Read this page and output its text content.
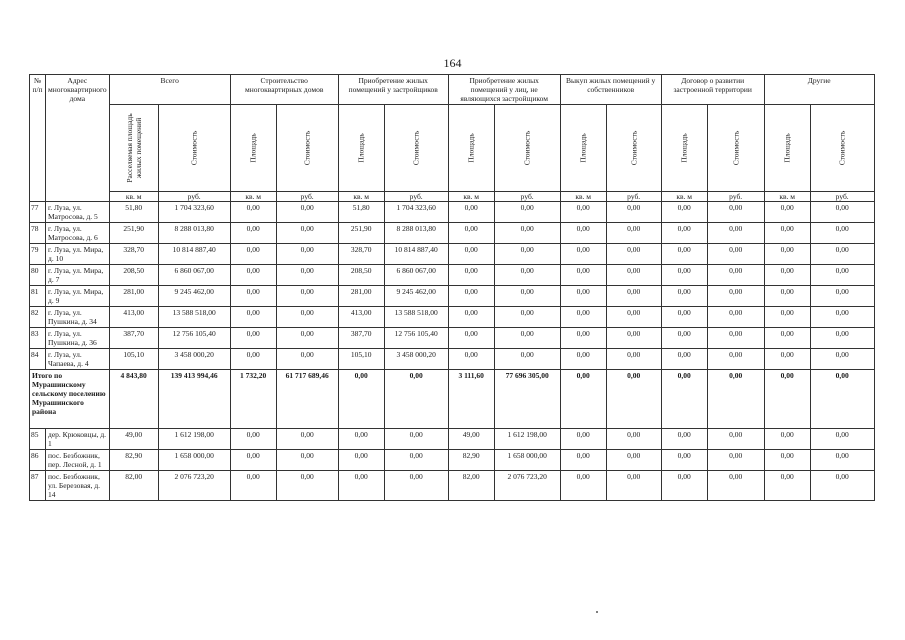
164
№ п/п	Адрес многоквартирного дома	Всего		Строительство многоквартирных домов		Приобретение жилых помещений у застройщиков		Приобретение жилых помещений у лиц, не являющихся застройщиком		Выкуп жилых помещений у собственников		Договор о развитии застроенной территории		Другие	

		Расселяемая площадь жилых помещений	Стоимость	Площадь	Стоимость	Площадь	Стоимость	Площадь	Стоимость	Площадь	Стоимость	Площадь	Стоимость	Площадь	Стоимость

		кв. м	руб.	кв. м	руб.	кв. м	руб.	кв. м	руб.	кв. м	руб.	кв. м	руб.	кв. м	руб.
77	г. Луза, ул. Матросова, д. 5	51,80	1 704 323,60	0,00	0,00	51,80	1 704 323,60	0,00	0,00	0,00	0,00	0,00	0,00	0,00	0,00
78	г. Луза, ул. Матросова, д. 6	251,90	8 288 013,80	0,00	0,00	251,90	8 288 013,80	0,00	0,00	0,00	0,00	0,00	0,00	0,00	0,00
79	г. Луза, ул. Мира, д. 10	328,70	10 814 887,40	0,00	0,00	328,70	10 814 887,40	0,00	0,00	0,00	0,00	0,00	0,00	0,00	0,00
80	г. Луза, ул. Мира, д. 7	208,50	6 860 067,00	0,00	0,00	208,50	6 860 067,00	0,00	0,00	0,00	0,00	0,00	0,00	0,00	0,00
81	г. Луза, ул. Мира, д. 9	281,00	9 245 462,00	0,00	0,00	281,00	9 245 462,00	0,00	0,00	0,00	0,00	0,00	0,00	0,00	0,00
82	г. Луза, ул. Пушкина, д. 34	413,00	13 588 518,00	0,00	0,00	413,00	13 588 518,00	0,00	0,00	0,00	0,00	0,00	0,00	0,00	0,00
83	г. Луза, ул. Пушкина, д. 36	387,70	12 756 105,40	0,00	0,00	387,70	12 756 105,40	0,00	0,00	0,00	0,00	0,00	0,00	0,00	0,00
84	г. Луза, ул. Чапаева, д. 4	105,10	3 458 000,20	0,00	0,00	105,10	3 458 000,20	0,00	0,00	0,00	0,00	0,00	0,00	0,00	0,00
Итого по Мурашинскому сельскому поселению Мурашинского района		4 843,80	139 413 994,46	1 732,20	61 717 689,46	0,00	0,00	3 111,60	77 696 305,00	0,00	0,00	0,00	0,00	0,00	0,00
85	дер. Крюковцы, д. 1	49,00	1 612 198,00	0,00	0,00	0,00	0,00	49,00	1 612 198,00	0,00	0,00	0,00	0,00	0,00	0,00
86	пос. Безбожник, пер. Лесной, д. 1	82,90	1 658 000,00	0,00	0,00	0,00	0,00	82,90	1 658 000,00	0,00	0,00	0,00	0,00	0,00	0,00
87	пос. Безбожник, ул. Березовая, д. 14	82,00	2 076 723,20	0,00	0,00	0,00	0,00	82,00	2 076 723,20	0,00	0,00	0,00	0,00	0,00	0,00
